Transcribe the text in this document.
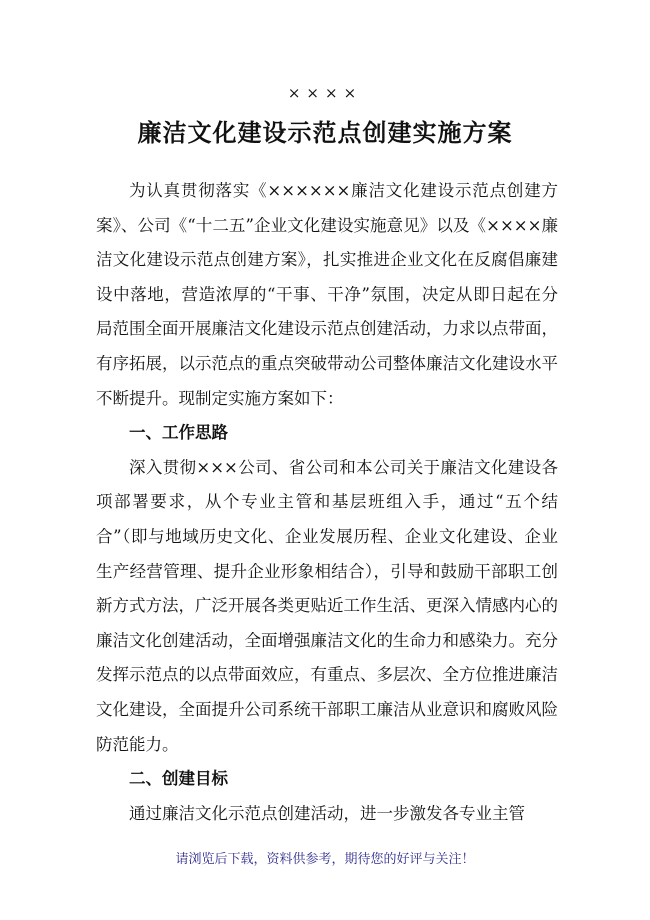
××××
廉洁文化建设示范点创建实施方案

为认真贯彻落实《××××××廉洁文化建设示范点创建方案》、公司《“十二五”企业文化建设实施意见》以及《××××廉洁文化建设示范点创建方案》，扎实推进企业文化在反腐倡廉建设中落地，营造浓厚的“干事、干净”氛围，决定从即日起在分局范围全面开展廉洁文化建设示范点创建活动，力求以点带面，有序拓展，以示范点的重点突破带动公司整体廉洁文化建设水平不断提升。现制定实施方案如下：

一、工作思路

深入贯彻×××公司、省公司和本公司关于廉洁文化建设各项部署要求，从个专业主管和基层班组入手，通过“五个结合”（即与地域历史文化、企业发展历程、企业文化建设、企业生产经营管理、提升企业形象相结合），引导和鼓励干部职工创新方式方法，广泛开展各类更贴近工作生活、更深入情感内心的廉洁文化创建活动，全面增强廉洁文化的生命力和感染力。充分发挥示范点的以点带面效应，有重点、多层次、全方位推进廉洁文化建设，全面提升公司系统干部职工廉洁从业意识和腐败风险防范能力。

二、创建目标

通过廉洁文化示范点创建活动，进一步激发各专业主管

请浏览后下载，资料供参考，期待您的好评与关注！
